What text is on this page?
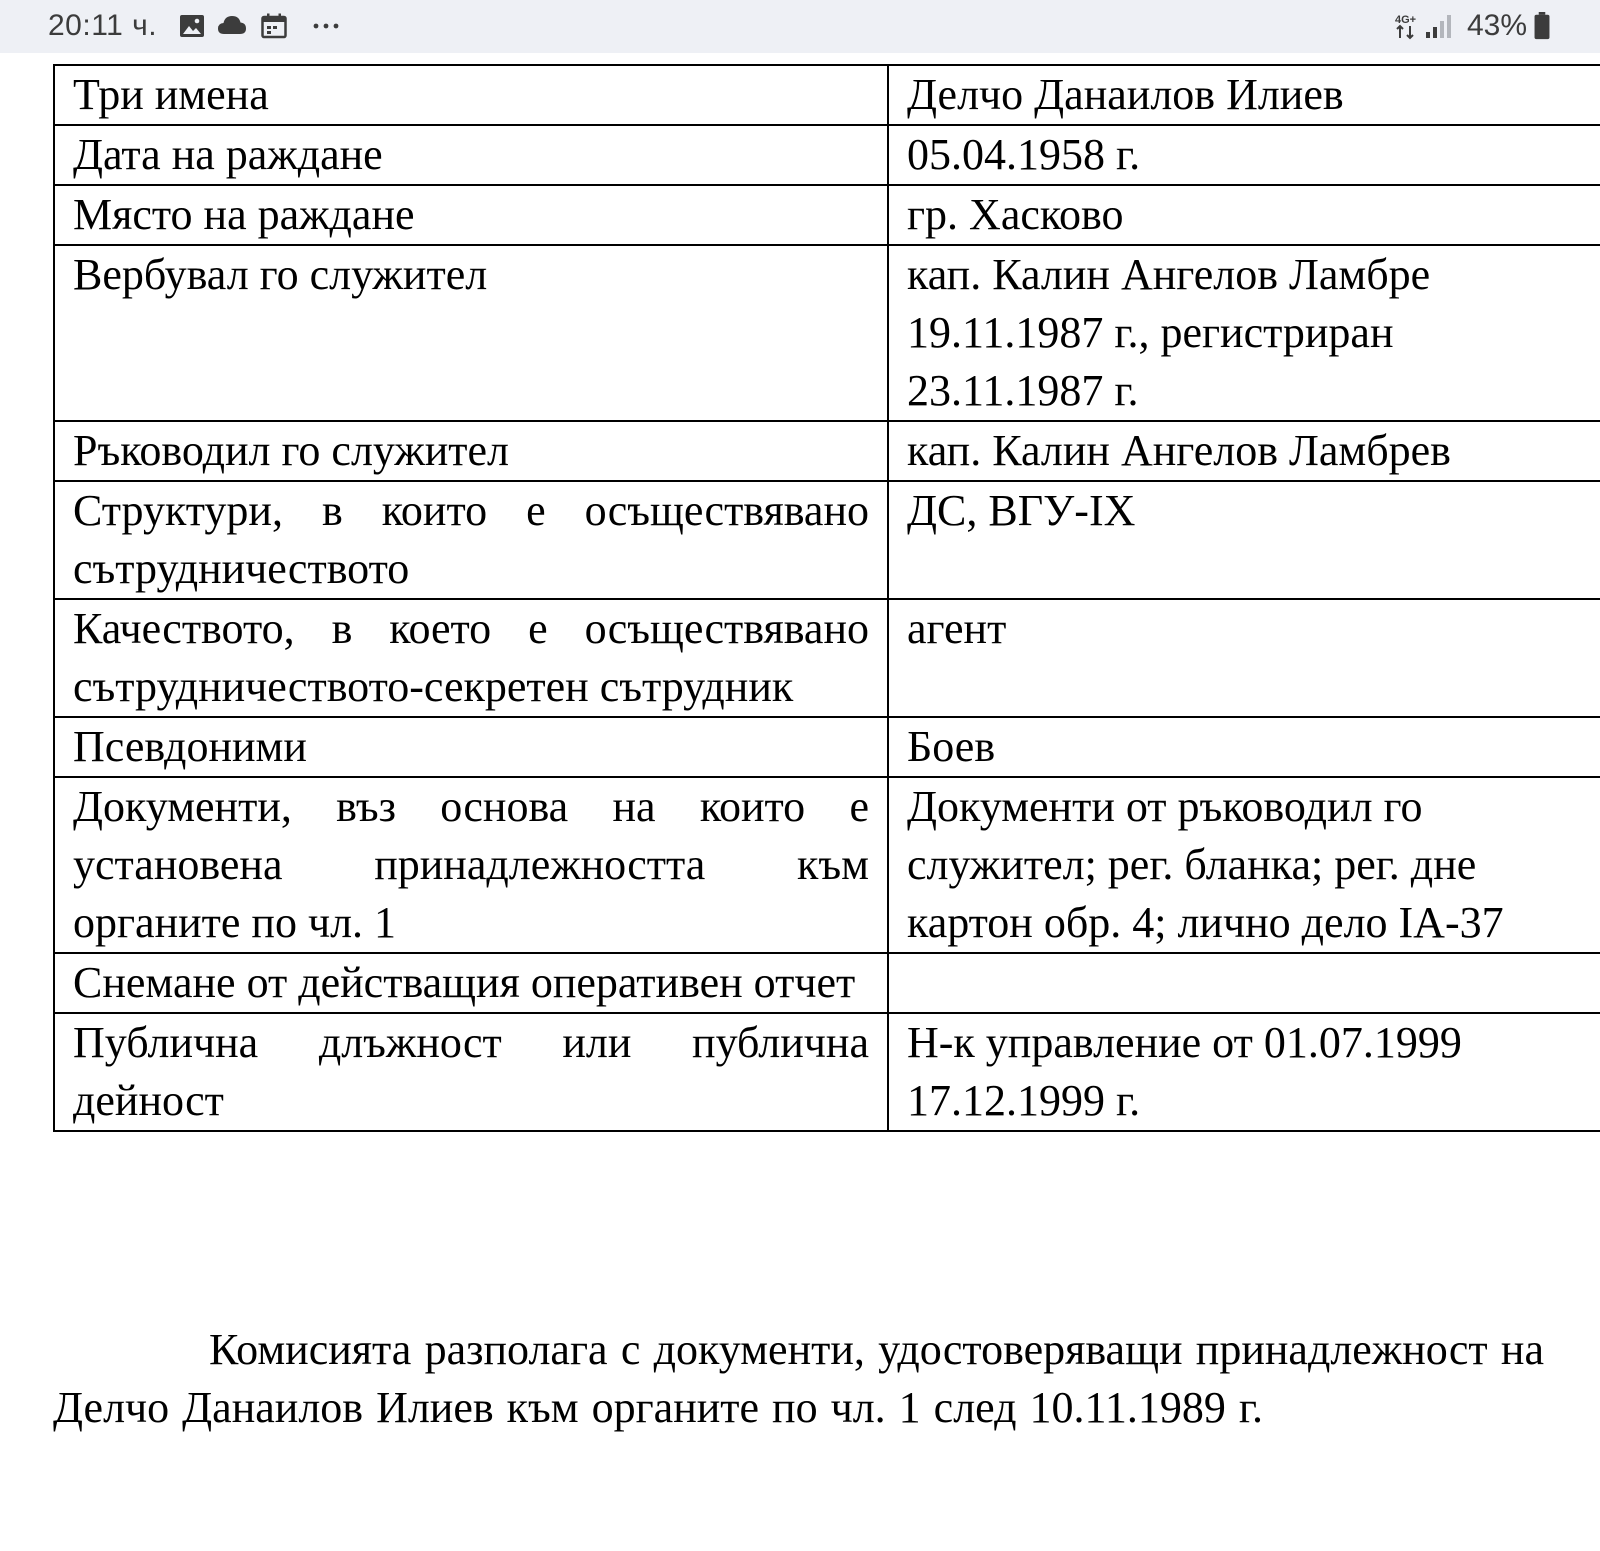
20:11 ч.	4G+ 43%
Три имена	Делчо Данаилов Илиев
Дата на раждане	05.04.1958 г.
Място на раждане	гр. Хасково
Вербувал го служител	кап. Калин Ангелов Ламбре
19.11.1987 г., регистриран
23.11.1987 г.
Ръководил го служител	кап. Калин Ангелов Ламбрев
Структури, в които е осъществявано сътрудничеството	ДС, ВГУ-IX
Качеството, в което е осъществявано сътрудничеството-секретен сътрудник	агент
Псевдоними	Боев
Документи, въз основа на които е установена принадлежността към органите по чл. 1	Документи от ръководил го
служител; рег. бланка; рег. дне
картон обр. 4; лично дело IA-37
Снемане от действащия оперативен отчет	
Публична длъжност или публична дейност	Н-к управление от 01.07.1999
17.12.1999 г.

Комисията разполага с документи, удостоверяващи принадлежност на Делчо Данаилов Илиев към органите по чл. 1 след 10.11.1989 г.
